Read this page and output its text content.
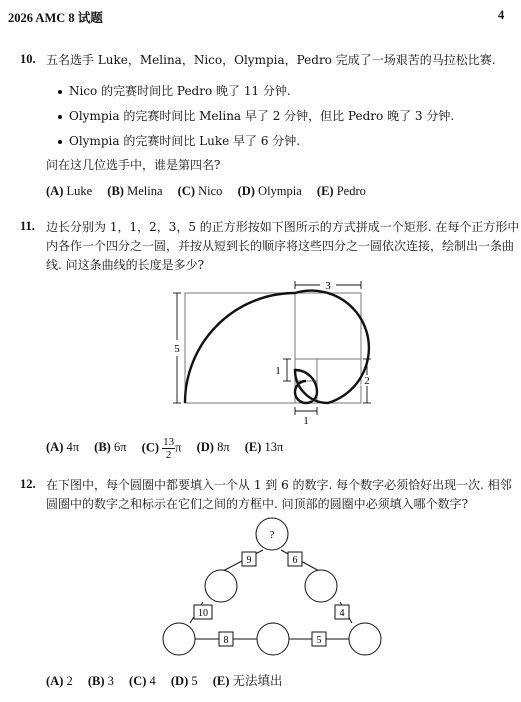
2026 AMC 8 试题	4
10. 五名选手 Luke，Melina，Nico，Olympia，Pedro 完成了一场艰苦的马拉松比赛.
Nico 的完赛时间比 Pedro 晚了 11 分钟.
Olympia 的完赛时间比 Melina 早了 2 分钟，但比 Pedro 晚了 3 分钟.
Olympia 的完赛时间比 Luke 早了 6 分钟.
问在这几位选手中，谁是第四名?
(A) Luke (B) Melina (C) Nico (D) Olympia (E) Pedro
11. 边长分别为 1，1，2，3，5 的正方形按如下图所示的方式拼成一个矩形. 在每个正方形中
内各作一个四分之一圆，并按从短到长的顺序将这些四分之一圆依次连接，绘制出一条曲
线. 问这条曲线的长度是多少?
3
5
1
2
1
(A) 4π (B) 6π $(C) \frac{13}{2}$ π (D) 8π (E) 13π
12. 在下图中，每个圆圈中都要填入一个从 1 到 6 的数字. 每个数字必须恰好出现一次. 相邻
圆圈中的数字之和标示在它们之间的方框中. 问顶部的圆圈中必须填入哪个数字?
?
9	6
10	4
8	5
(A) 2 (B) 3 (C) 4 (D) 5 (E) 无法填出
